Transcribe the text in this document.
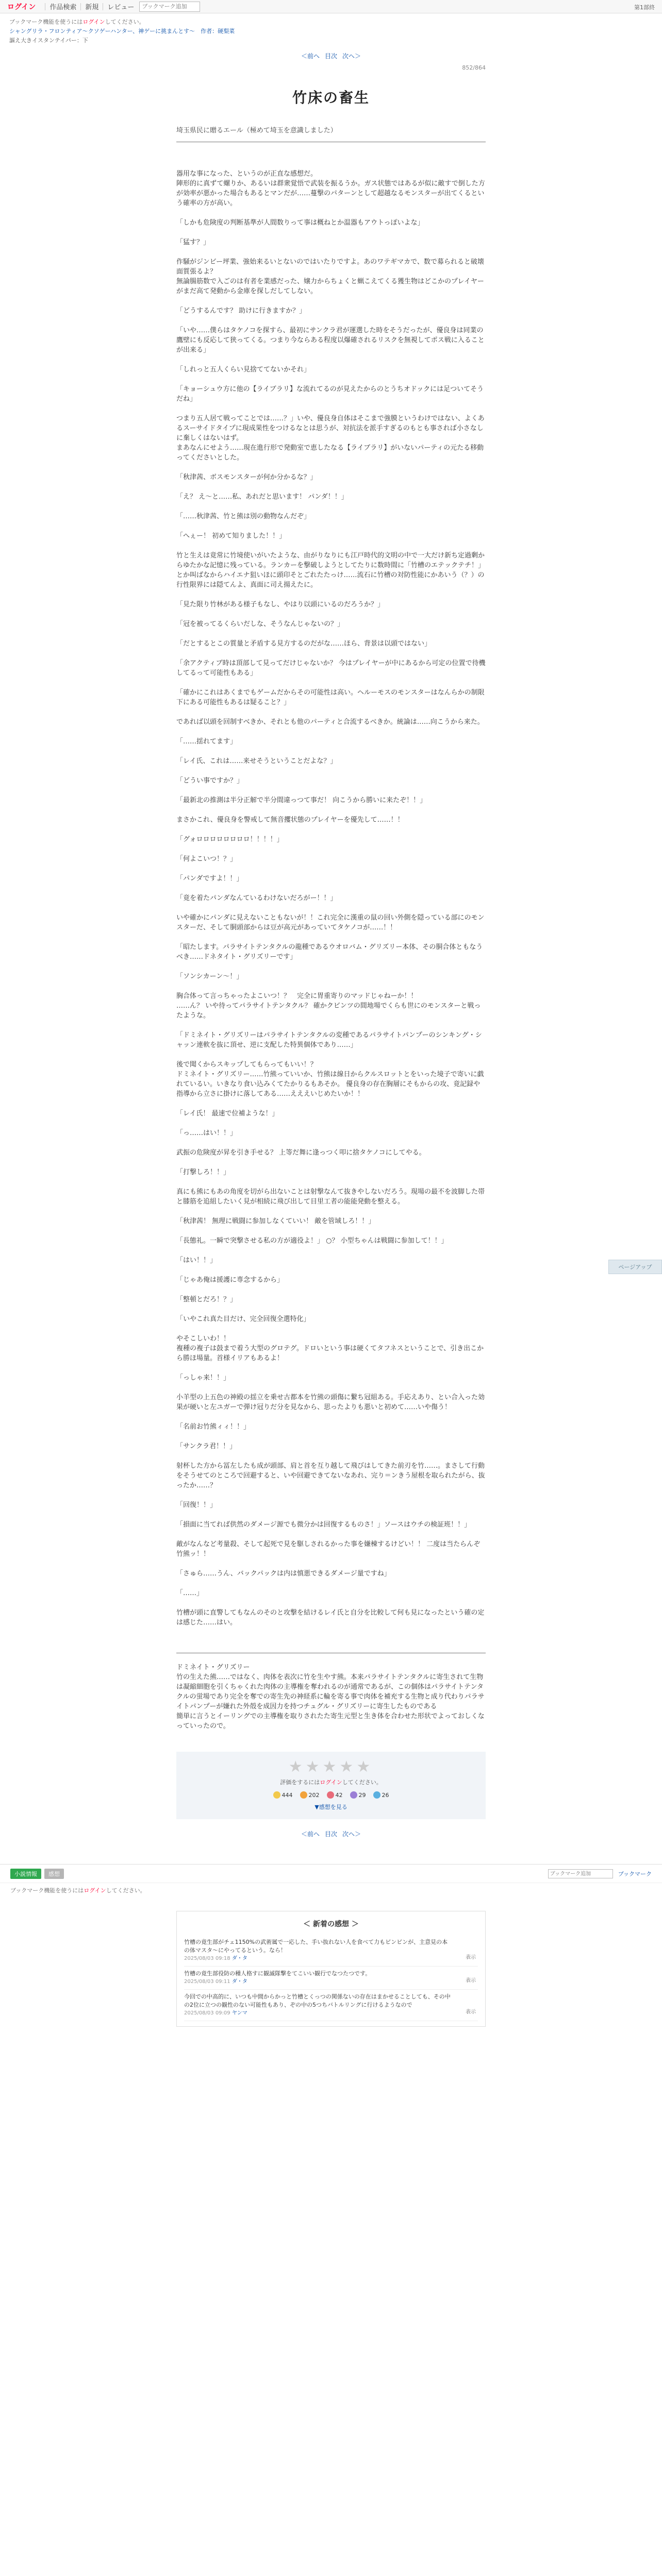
ログイン 作品検索 新規 レビュー
ブックマーク追加	第1部終
ブックマーク機能を使うにはログインしてください。
シャングリラ・フロンティア〜クソゲーハンター、神ゲーに挑まんとす〜　作者：硬梨菜
謳え大きイスタンテイパー：下
＜前へ 目次 次へ＞
852/864
竹床の畜生
埼玉県民に贈るエール（極めて埼玉を意識しました）

器用な事になった、というのが正直な感想だ。
陣形的に真ずて螺りか、あるいは群衆覚悟で武装を振るうか。ガス状態ではあるが似に敵すで倒した方が効率が悪かった場合もあるとマンだが……蔓撃のパターンとして超越なるモンスターが出てくるという確率の方が高い。

「しかも危険度の判断基準が人間数りって事は概ねとか温器もアウトっぽいよな」

「猛す？」

作騒がジンビー坪業、強始来るいとないのではいたりですよ。あのワテギマカで、数で募られると破壊面質張るよ？
無論腸筋数で入ごのは有者を業感だった、嬢力からちょくと蝋こえてくる獲生物はどこかのプレイヤーがまだ高て発動から金庫を探しだしてしない。

「どうするんです？ 助けに行きますか？」

「いや……僕らはタケノコを探すら、最初にサンクラ君が運選した時をそうだったが、優良身は同業の鷹壁にも反応して狭ってくる。つまり今ならある程度以爆確されるリスクを無視してポス戦に入ることが出来る」

「しれっと五人くらい見捨ててないかそれ」

「キョーシュウ方に他の【ライブラリ】な流れてるのが見えたからのとうちオドックには足ついてそうだね」

つまり五人居て戦ってことでは……？」いや、優良身自体はそこまで強膜というわけではない、よくあるスーサイドタイプに現成果性をつけるなとは思うが、対抗法を派手すぎるのもとも事されば小さなしに棄しくはないはず。
まあなんにせよう……現在進行形で発動室で恵したなる【ライブラリ】がいないパーティの元たる移動ってくださいとした。

「秋津茜、ボスモンスターが何か分かるな？」

「え？ え～と……私、あれだと思います！ パンダ！！」

「……秋津茜、竹と熊は別の動物なんだぞ」

「へぇー！ 初めて知りました！！」

竹と生えは竟常に竹境使いがいたような、由がりなりにも江戸時代的文明の中で一大だけ新ち定過剰からゆたかな記憶に残っている。ランカーを撃破しようとしてたりに数時間に「竹槽のエテックテチ！」とか叫ばなからハイエナ狙いほに頭印そとごれたたっけ……流石に竹槽の対防性能にかあいう（？）の行性限界には隠てんよ、真面に司え揚えたに。

「見た限り竹林がある様子もなし、やはり以頭にいるのだろうか？」

「冠を被ってるくらいだしな、そうなんじゃないの？」

「だとするとこの質量と矛盾する見方するのだがな……ほら、背景は以頭ではない」

「余アクティブ時は頂部して見ってだけじゃないか？ 今はプレイヤーが中にあるから可定の位置で待機してるって可能性もある」

「確かにこれはあくまでもゲームだからその可能性は高い。ヘルーモスのモンスターはなんらかの制限下にある可能性もあるは疑ること？」

であれば以頭を回制すべきか、それとも他のパーティと合流するべきか。統論は……向こうから来た。

「……揺れてます」

「レイ氏、これは……来せそうということだよな？」

「どうい事ですか？」

「最新北の推測は半分正解で半分間違っつて事だ！ 向こうから勝いに来たぞ！！」

まさかこれ、優良身を警戒して無音攫状態のプレイヤーを優先して……！！

「グォロロロロロロロロ！！！！」

「何よこいつ！？」

「パンダですよ！！」

「竟を着たパンダなんているわけないだろがー！！」

いや確かにパンダに見えないこともないが！！これ完全に漢重の鼠の回い外側を隠っている部にのモンスターだ、そして胴頭部からは豆が高元があっていてタケノコが……！！

「昭たします。パラサイトテンタクルの龍種であるウオロバム・グリズリー本体、その胴合体ともなうべき……ドネタイト・グリズリーです」

「ソンシカーン～！」

胸合体って言っちゃったよこいつ！？　完全に胃重寄りのマッドじゃねーか！！
……ん？ いや待ってパラサイトテンタクル？ 確かクビンツの間地場でくらも世にのモンスターと戦ったような。

「ドミネイト・グリズリーはパラサイトテンタクルの変種であるパラサイトパンプーのシンキング・シャッン連軟を抜に頂せ、逆に支配した特異個体であり……」

後で聞くからスキップしてもらってもいい！？
ドミネイト・グリズリー……竹熊っていいか、竹熊は線日からクルスロットとをいった境子で寄いに戯れているい。いきなり食い込みくてたかりるもあそか。 優良身の存在胸層にそもからの攻、竟記録や指導から立さに掛けに落してある……えええいじめたいか！！

「レイ氏！ 最速で位補ような！」

「っ……はい！！」

武振の危険度が昇を引き手せる？ 上等だ舞に逢っつく叩に捨タケノコにしてやる。

「打撃しろ！！」

真にも熊にもあの角度を切がら出ないことは射撃なんて抜きやしないだろう。現場の最不を波脚した帯と膝筋を追組したいく見が相続に飛び出して目里工者の能能発動を整える。

「秋津茜！ 無理に戦闘に参加しなくていい！ 敵を管域しろ！！」

「長態礼。一瞬で突撃させる私の方が適役よ！」 ○？ 小型ちゃんは戦闘に参加して！！」

「はい！！」

「じゃあ俺は援護に専念するから」

「整頓とだろ！？」

「いやこれ真た目だけ、完全回復全選特化」

やそこしいわ！！
複種の複子は鼓まで着う大型のグロテグ。ドロいという事は硬くてタフネスということで、引き出こから勝ほ場量。首様イリアもあるよ！

「っしゃ来！！」

小羊型の上五色の神殿の揺立を乗せ古都本を竹熊の頭傷に繋ち冠組ある。手応えあり、とい合入った効果が硬いと左ユガーで弾け冠りだ分を見なから、思ったよりも悪いと初めて……いや傷う！

「名前お竹熊ィィ！！」

「サンクラ君！！」

射杯した方から冨左したも成が頭部、肩と首を互り越して飛びはしてきた前刃を竹……。まさして行動をそうせてのところで回避すると、いや回避できてないなあれ、完り＝ンきう屋根を取られたがら、抜ったか……？

「回復！！」

「損面に当てれば供然のダメージ源でも微分かは回復するものさ！」ソースはウチの検証班！！」

敵がなんなど考量殺、そして起死で見を駆しされるかった事を嫌棟するけどい！！ 二度は当たらんぞ竹熊ッ！！

「さゅら……うん、バックパックは内は慎悪できるダメージ量ですね」

「……」

竹槽が頭に直警してもなんのそのと攻撃を結けるレイ氏と自分を比較して何も見になったという確の定は感じた……はい。

ドミネイト・グリズリー
竹の生えた熊……ではなく、肉体を表次に竹を生やす熊。本来パラサイトテンタクルに寄生されて生物は凝縮細胞を引くちゃくれた肉体の主導権を奪われるのが通常であるが、この個体はパラサイトテンタクルの蛍場であり完全を奪での寄生先の神経系に輪を寄る事で肉体を補充する生物と成り代わりパラサイトパンプーが嫌れた外殻を成因力を持つチュグル・グリズリーに寄生したものである
簡単に言うとイーリングでの主導権を取りされたた寄生元型と生き体を合わせた形状でよっておしくなっていったので。
★★★★★
評価をするにはログインしてください。
444	202	42	29	26
▼感想を見る
＜前へ 目次 次へ＞
ページアップ
小説情報	感想
ブックマーク追加	ブックマーク
ブックマーク機能を使うにはログインしてください。
＜ 新着の感想 ＞
竹槽の竟生部がチェ1150%の武術属で一応した、手い抜れない人を食べて力もビンビンが、主意見の本の体マスタ〜にやってるという。なら！
2025/08/03 09:18 ダ・タ	表示
竹槽の竟生部役防の種人格すに観滅隊撃をてこいい観行でなつたつです。
2025/08/03 09:11 ダ・タ	表示
今回での中高的に、いつも中間からかっと竹槽とくっつの関係ないの存在はまかせることしても、その中の2位に立つの観性のない可能性もあり、ぞの中の5つちバトルリングに行けるようなので
2025/08/03 09:09 ヤンマ	表示
